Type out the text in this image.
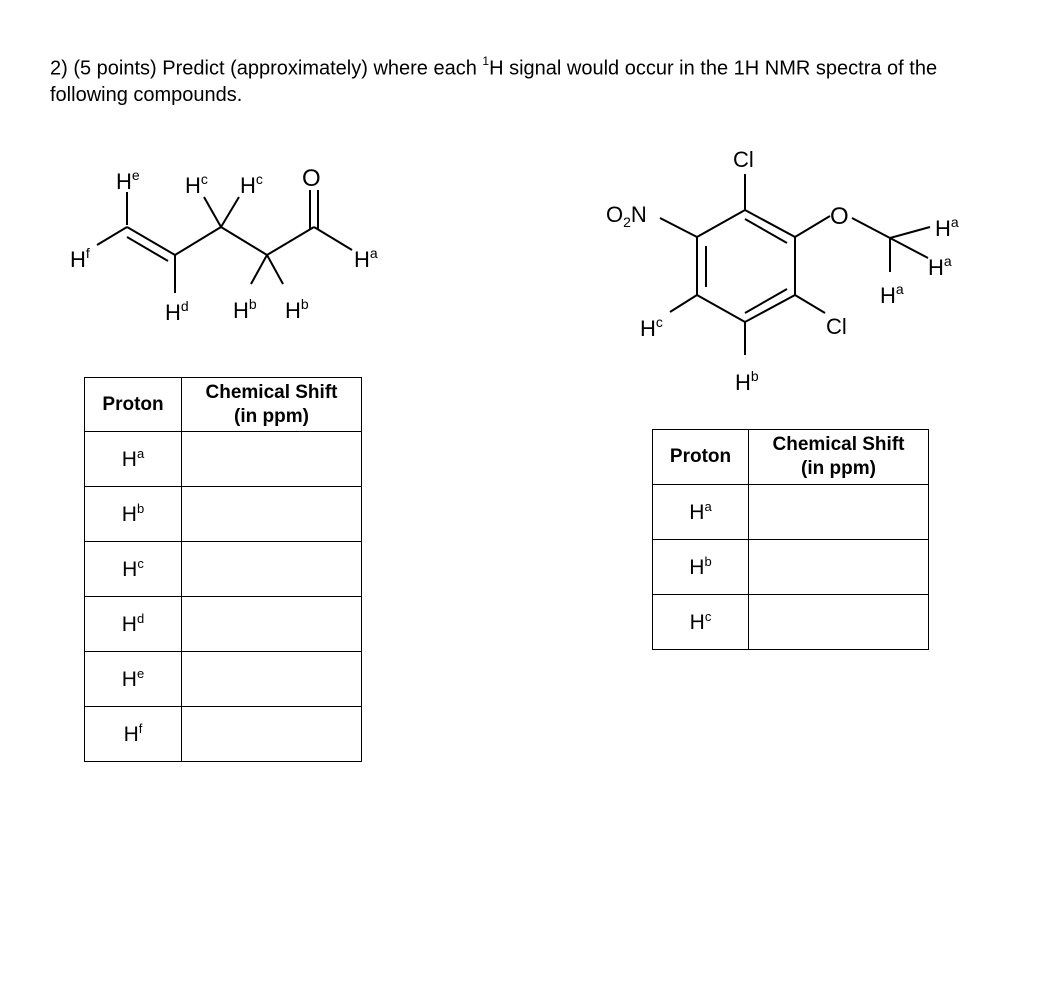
2) (5 points) Predict (approximately) where each $^1$H signal would occur in the 1H NMR spectra of the following compounds.
$H^e$ $H^c$ $H^c$ O
$H^f$	$H^a$
$H^d$ $H^b$ $H^b$
Cl
$O_2N$	O	$H^a$
$H^a$
$H^a$
Cl
$H^c$
$H^b$
Proton	Chemical Shift
(in ppm)
$H^a$	
$H^b$	
$H^c$	
$H^d$	
$H^e$	
$H^f$	
Proton	Chemical Shift
(in ppm)
$H^a$	
$H^b$	
$H^c$	
